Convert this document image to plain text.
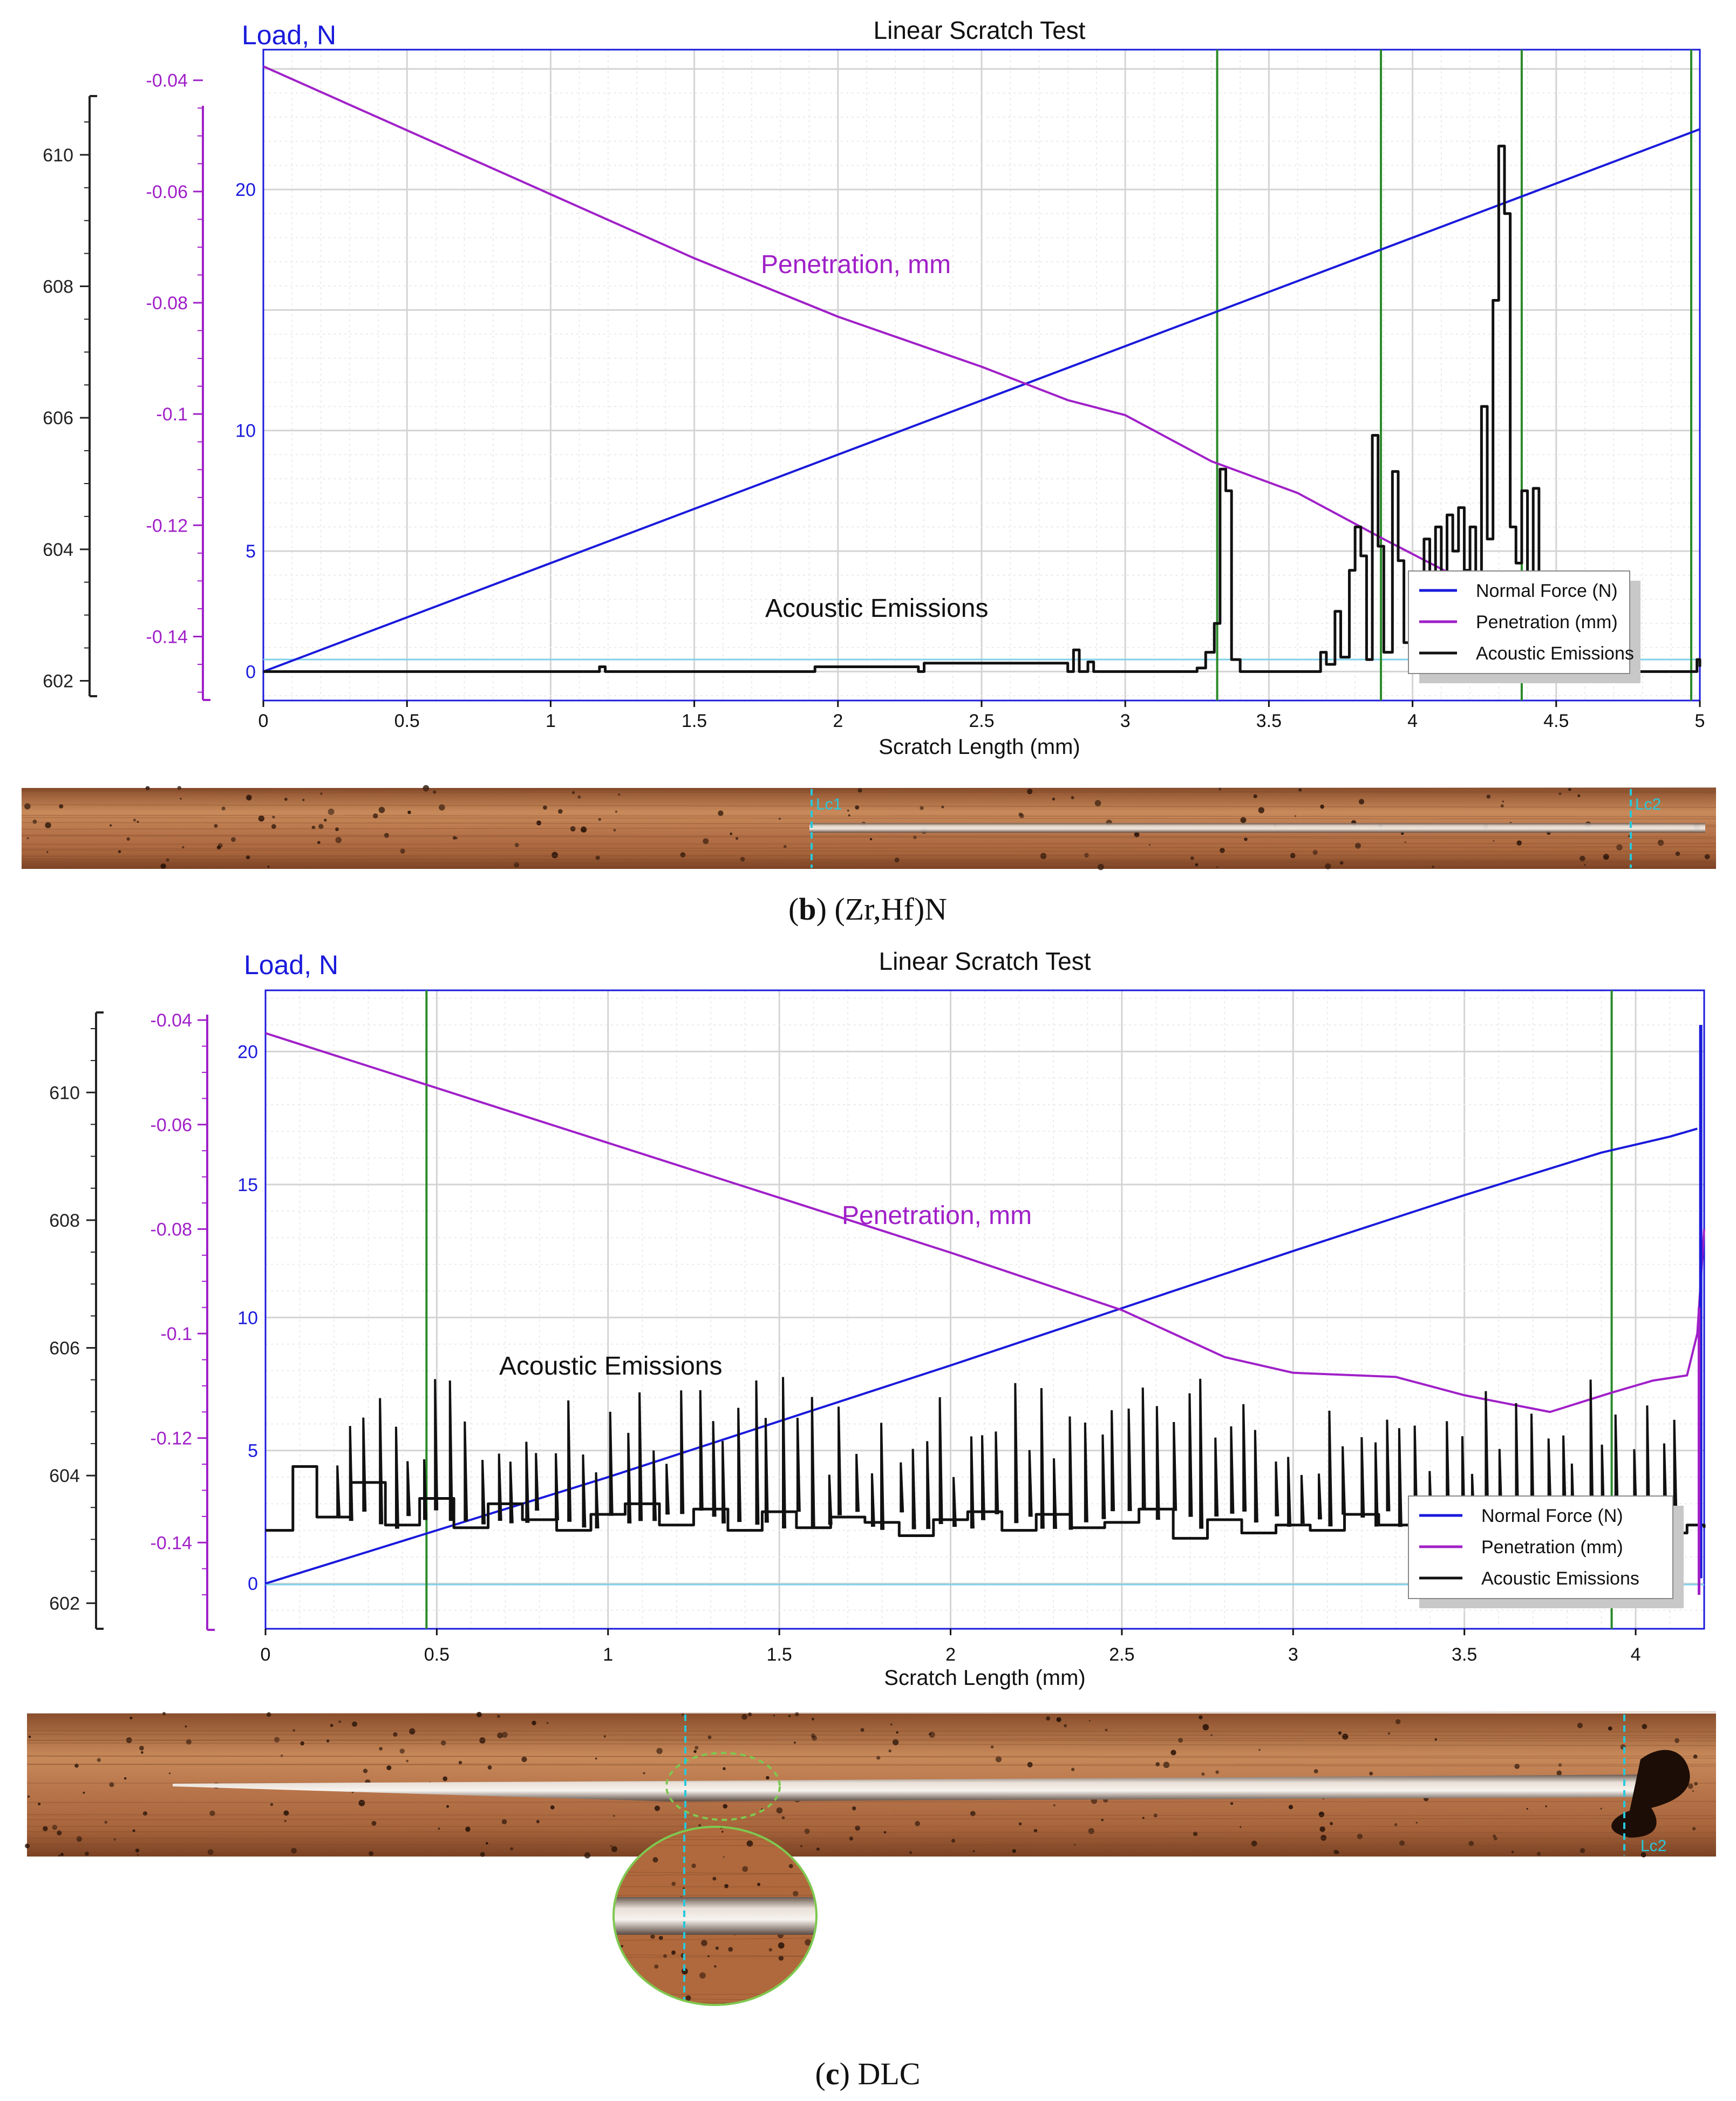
0	0.5	1	1.5	2	2.5	3	3.5	4	4.5	5
0
5
10
20
-0.04
-0.06
-0.08
-0.1
-0.12
-0.14
602
604
606
608
610
Linear Scratch Test
Load, N
Penetration, mm
Acoustic Emissions
Scratch Length (mm)
Normal Force (N)
Penetration (mm)
Acoustic Emissions
Lc1	Lc2
(b) (Zr,Hf)N
0	0.5	1	1.5	2	2.5	3	3.5	4
0
5
10
15
20
-0.04
-0.06
-0.08
-0.1
-0.12
-0.14
602
604
606
608
610
Linear Scratch Test
Load, N
Penetration, mm
Acoustic Emissions
Scratch Length (mm)
Normal Force (N)
Penetration (mm)
Acoustic Emissions
Lc2
(c) DLC
